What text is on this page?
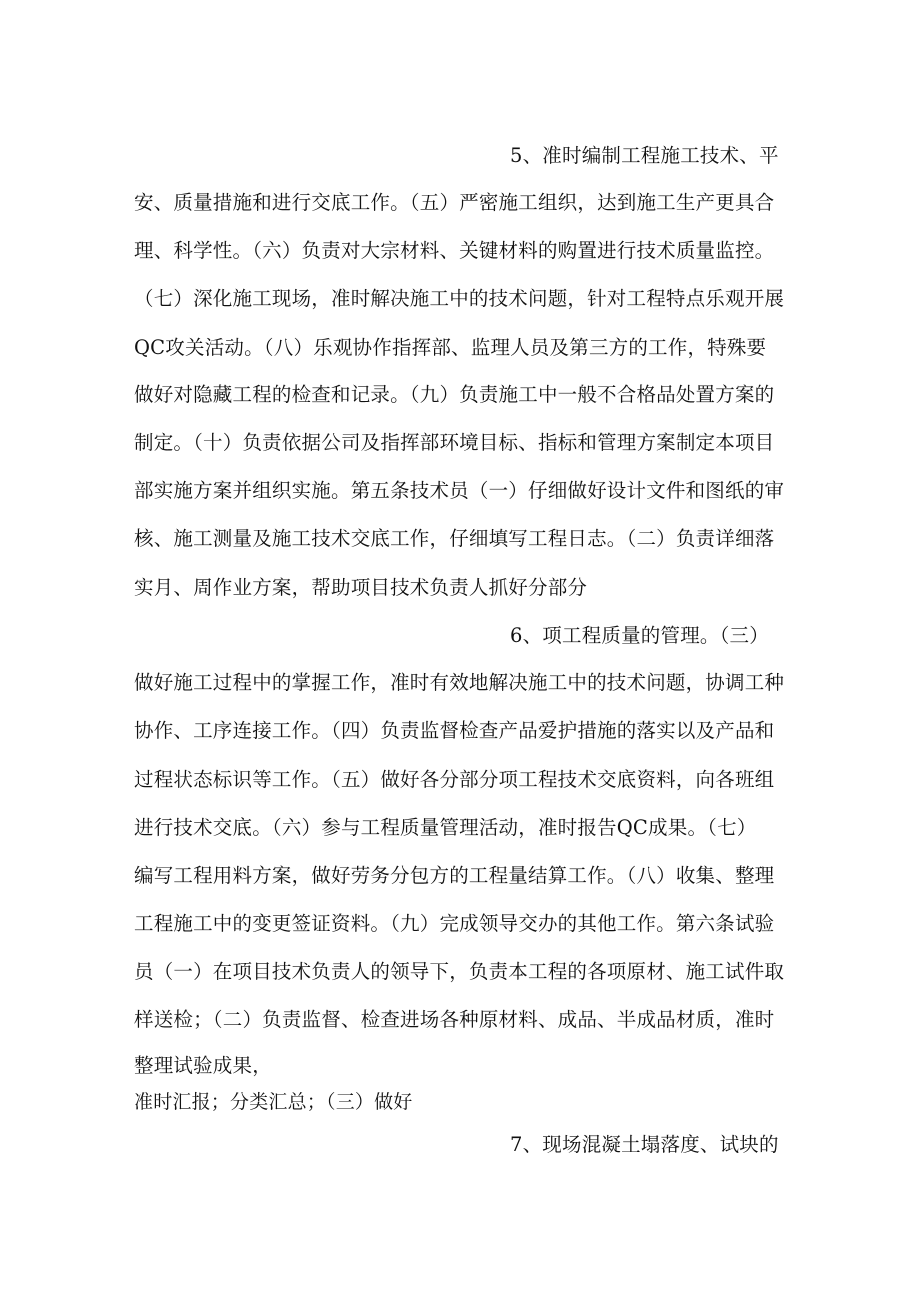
5、准时编制工程施工技术、平
安、质量措施和进行交底工作。（五）严密施工组织，达到施工生产更具合
理、科学性。（六）负责对大宗材料、关键材料的购置进行技术质量监控。
（七）深化施工现场，准时解决施工中的技术问题，针对工程特点乐观开展
QC攻关活动。（八）乐观协作指挥部、监理人员及第三方的工作，特殊要
做好对隐藏工程的检查和记录。（九）负责施工中一般不合格品处置方案的
制定。（十）负责依据公司及指挥部环境目标、指标和管理方案制定本项目
部实施方案并组织实施。第五条技术员（一）仔细做好设计文件和图纸的审
核、施工测量及施工技术交底工作，仔细填写工程日志。（二）负责详细落
实月、周作业方案，帮助项目技术负责人抓好分部分
6、项工程质量的管理。（三）
做好施工过程中的掌握工作，准时有效地解决施工中的技术问题，协调工种
协作、工序连接工作。（四）负责监督检查产品爱护措施的落实以及产品和
过程状态标识等工作。（五）做好各分部分项工程技术交底资料，向各班组
进行技术交底。（六）参与工程质量管理活动，准时报告QC成果。（七）
编写工程用料方案，做好劳务分包方的工程量结算工作。（八）收集、整理
工程施工中的变更签证资料。（九）完成领导交办的其他工作。第六条试验
员（一）在项目技术负责人的领导下，负责本工程的各项原材、施工试件取
样送检；（二）负责监督、检查进场各种原材料、成品、半成品材质，准时
整理试验成果，
准时汇报；分类汇总；（三）做好
7、现场混凝土塌落度、试块的
